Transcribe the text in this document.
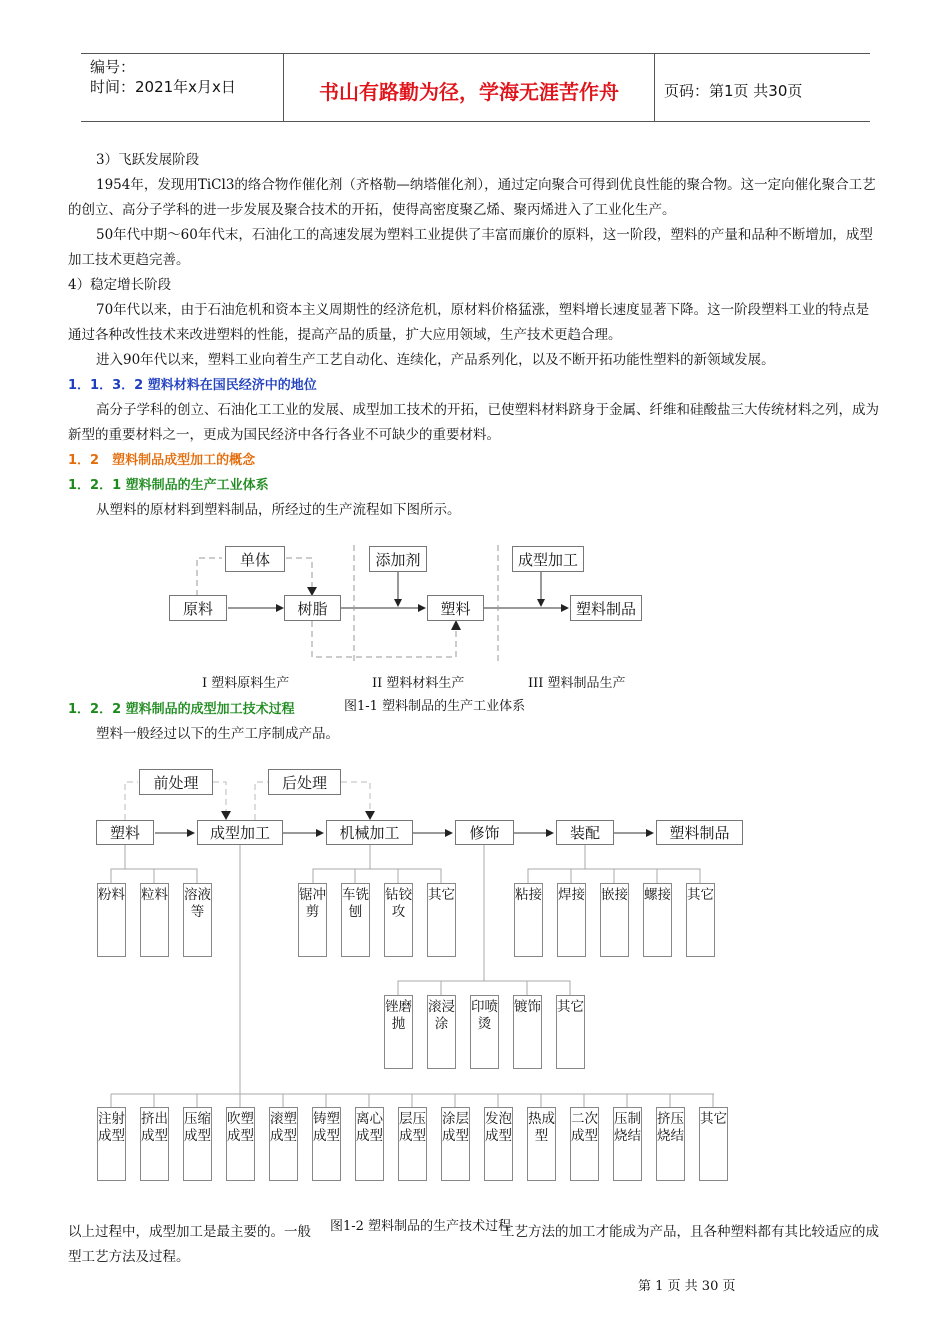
编号：
时间：2021年x月x日	书山有路勤为径，学海无涯苦作舟	页码：第1页 共30页
3）飞跃发展阶段
1954年，发现用TiCl3的络合物作催化剂（齐格勒—纳塔催化剂），通过定向聚合可得到优良性能的聚合物。这一定向催化聚合工艺的创立、高分子学科的进一步发展及聚合技术的开拓，使得高密度聚乙烯、聚丙烯进入了工业化生产。
50年代中期～60年代末，石油化工的高速发展为塑料工业提供了丰富而廉价的原料，这一阶段，塑料的产量和品种不断增加，成型加工技术更趋完善。
4）稳定增长阶段
70年代以来，由于石油危机和资本主义周期性的经济危机，原材料价格猛涨，塑料增长速度显著下降。这一阶段塑料工业的特点是通过各种改性技术来改进塑料的性能，提高产品的质量，扩大应用领域，生产技术更趋合理。
进入90年代以来，塑料工业向着生产工艺自动化、连续化，产品系列化，以及不断开拓功能性塑料的新领域发展。
1．1．3．2 塑料材料在国民经济中的地位
高分子学科的创立、石油化工工业的发展、成型加工技术的开拓，已使塑料材料跻身于金属、纤维和硅酸盐三大传统材料之列，成为新型的重要材料之一，更成为国民经济中各行各业不可缺少的重要材料。
1．2　塑料制品成型加工的概念
1．2．1 塑料制品的生产工业体系
从塑料的原材料到塑料制品，所经过的生产流程如下图所示。
原料
单体
树脂
添加剂
塑料
成型加工
塑料制品
I 塑料原料生产	II 塑料材料生产	III 塑料制品生产
图1-1 塑料制品的生产工业体系
1．2．2 塑料制品的成型加工技术过程
塑料一般经过以下的生产工序制成产品。
前处理	后处理
塑料	成型加工	机械加工	修饰	装配	塑料制品
粉料 粒料 溶液等
锯冲剪
车铣刨
钻铰攻
其它	粘接 焊接 嵌接 螺接 其它
锉磨抛
滚浸涂
印喷烫
镀饰 其它
注射成型
挤出成型
压缩成型
吹塑成型
滚塑成型
铸塑成型
离心成型
层压成型
涂层成型
发泡成型
热成型
二次成型
压制烧结
挤压烧结
其它
图1-2 塑料制品的生产技术过程
以上过程中，成型加工是最主要的。一般	工艺方法的加工才能成为产品，且各种塑料都有其比较适应的成型工艺方法及过程。
第 1 页 共 30 页
